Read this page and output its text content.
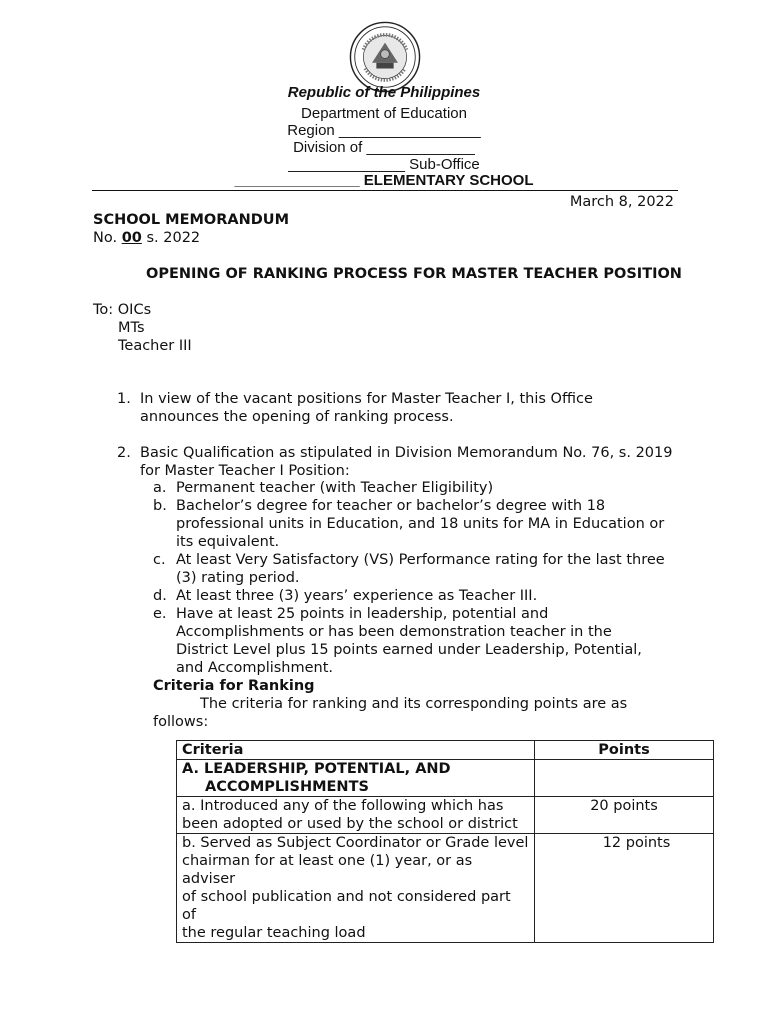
Republic of the Philippines
Department of Education
Region _________________
Division of _____________
______________ Sub-Office
_______________ ELEMENTARY SCHOOL
March 8, 2022
SCHOOL MEMORANDUM
No. 00 s. 2022
OPENING OF RANKING PROCESS FOR MASTER TEACHER POSITION
To: OICs
MTs
Teacher III
1. In view of the vacant positions for Master Teacher I, this Office
announces the opening of ranking process.
2. Basic Qualification as stipulated in Division Memorandum No. 76, s. 2019
for Master Teacher I Position:
a. Permanent teacher (with Teacher Eligibility)
b. Bachelor’s degree for teacher or bachelor’s degree with 18
professional units in Education, and 18 units for MA in Education or
its equivalent.
c. At least Very Satisfactory (VS) Performance rating for the last three
(3) rating period.
d. At least three (3) years’ experience as Teacher III.
e. Have at least 25 points in leadership, potential and
Accomplishments or has been demonstration teacher in the
District Level plus 15 points earned under Leadership, Potential,
and Accomplishment.
Criteria for Ranking
The criteria for ranking and its corresponding points are as
follows:
Criteria	Points

A. LEADERSHIP, POTENTIAL, AND
ACCOMPLISHMENTS	

a. Introduced any of the following which has
been adopted or used by the school or district	20 points

b. Served as Subject Coordinator or Grade level
chairman for at least one (1) year, or as adviser
of school publication and not considered part of
the regular teaching load	12 points
